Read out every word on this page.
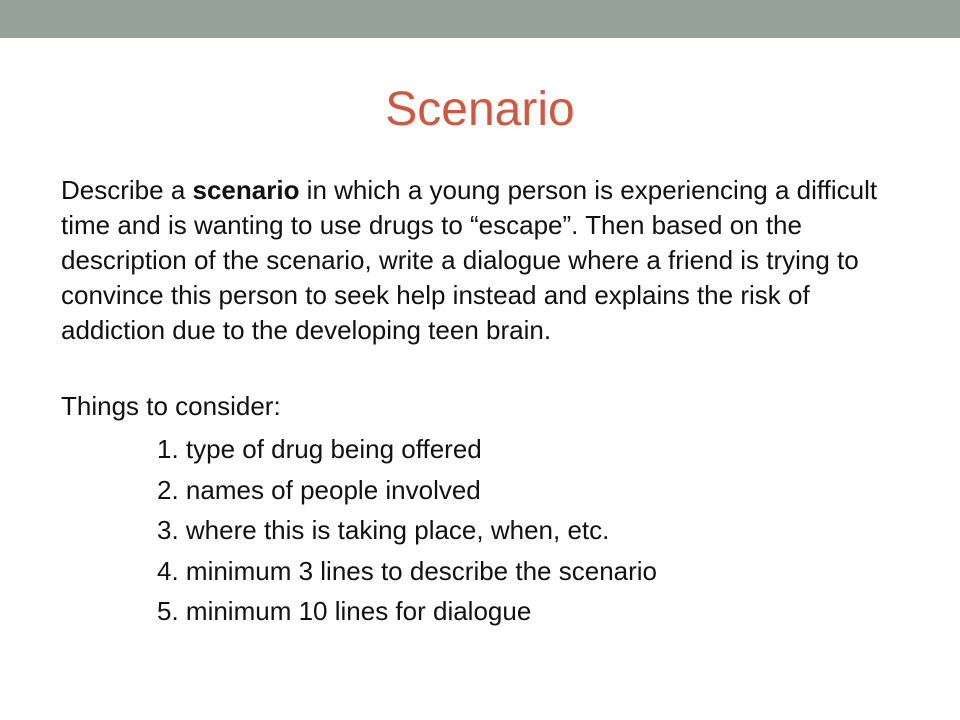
Scenario

Describe a scenario in which a young person is experiencing a difficult time and is wanting to use drugs to “escape”. Then based on the description of the scenario, write a dialogue where a friend is trying to convince this person to seek help instead and explains the risk of addiction due to the developing teen brain.

Things to consider:

1. type of drug being offered
2. names of people involved
3. where this is taking place, when, etc.
4. minimum 3 lines to describe the scenario
5. minimum 10 lines for dialogue
